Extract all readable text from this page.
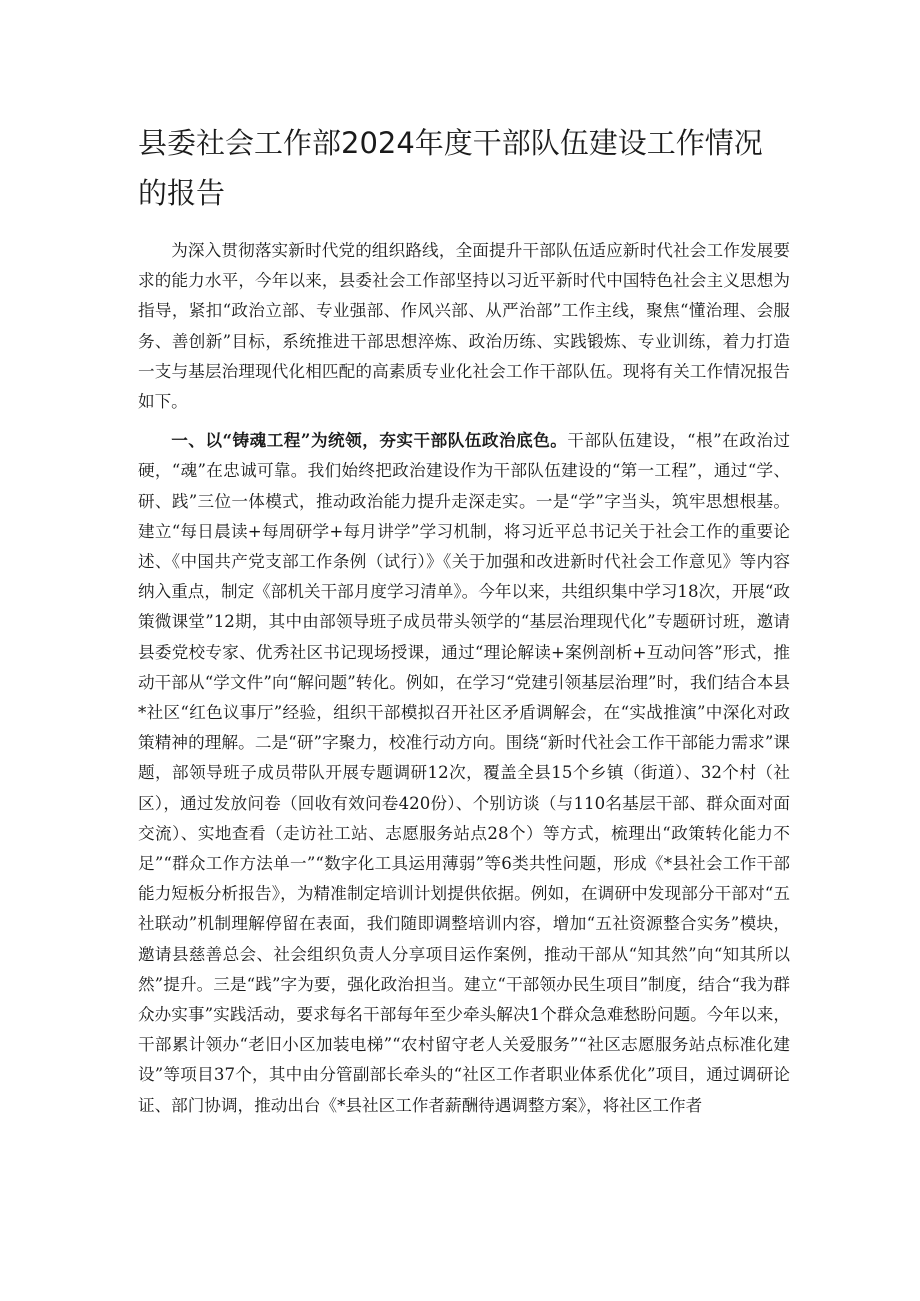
县委社会工作部2024年度干部队伍建设工作情况的报告

为深入贯彻落实新时代党的组织路线，全面提升干部队伍适应新时代社会工作发展要求的能力水平，今年以来，县委社会工作部坚持以习近平新时代中国特色社会主义思想为指导，紧扣“政治立部、专业强部、作风兴部、从严治部”工作主线，聚焦“懂治理、会服务、善创新”目标，系统推进干部思想淬炼、政治历练、实践锻炼、专业训练，着力打造一支与基层治理现代化相匹配的高素质专业化社会工作干部队伍。现将有关工作情况报告如下。

一、以“铸魂工程”为统领，夯实干部队伍政治底色。干部队伍建设，“根”在政治过硬，“魂”在忠诚可靠。我们始终把政治建设作为干部队伍建设的“第一工程”，通过“学、研、践”三位一体模式，推动政治能力提升走深走实。一是“学”字当头，筑牢思想根基。建立“每日晨读+每周研学+每月讲学”学习机制，将习近平总书记关于社会工作的重要论述、《中国共产党支部工作条例（试行）》《关于加强和改进新时代社会工作意见》等内容纳入重点，制定《部机关干部月度学习清单》。今年以来，共组织集中学习18次，开展“政策微课堂”12期，其中由部领导班子成员带头领学的“基层治理现代化”专题研讨班，邀请县委党校专家、优秀社区书记现场授课，通过“理论解读+案例剖析+互动问答”形式，推动干部从“学文件”向“解问题”转化。例如，在学习“党建引领基层治理”时，我们结合本县*社区“红色议事厅”经验，组织干部模拟召开社区矛盾调解会，在“实战推演”中深化对政策精神的理解。二是“研”字聚力，校准行动方向。围绕“新时代社会工作干部能力需求”课题，部领导班子成员带队开展专题调研12次，覆盖全县15个乡镇（街道）、32个村（社区），通过发放问卷（回收有效问卷420份）、个别访谈（与110名基层干部、群众面对面交流）、实地查看（走访社工站、志愿服务站点28个）等方式，梳理出“政策转化能力不足”“群众工作方法单一”“数字化工具运用薄弱”等6类共性问题，形成《*县社会工作干部能力短板分析报告》，为精准制定培训计划提供依据。例如，在调研中发现部分干部对“五社联动”机制理解停留在表面，我们随即调整培训内容，增加“五社资源整合实务”模块，邀请县慈善总会、社会组织负责人分享项目运作案例，推动干部从“知其然”向“知其所以然”提升。三是“践”字为要，强化政治担当。建立“干部领办民生项目”制度，结合“我为群众办实事”实践活动，要求每名干部每年至少牵头解决1个群众急难愁盼问题。今年以来，干部累计领办“老旧小区加装电梯”“农村留守老人关爱服务”“社区志愿服务站点标准化建设”等项目37个，其中由分管副部长牵头的“社区工作者职业体系优化”项目，通过调研论证、部门协调，推动出台《*县社区工作者薪酬待遇调整方案》，将社区工作者
